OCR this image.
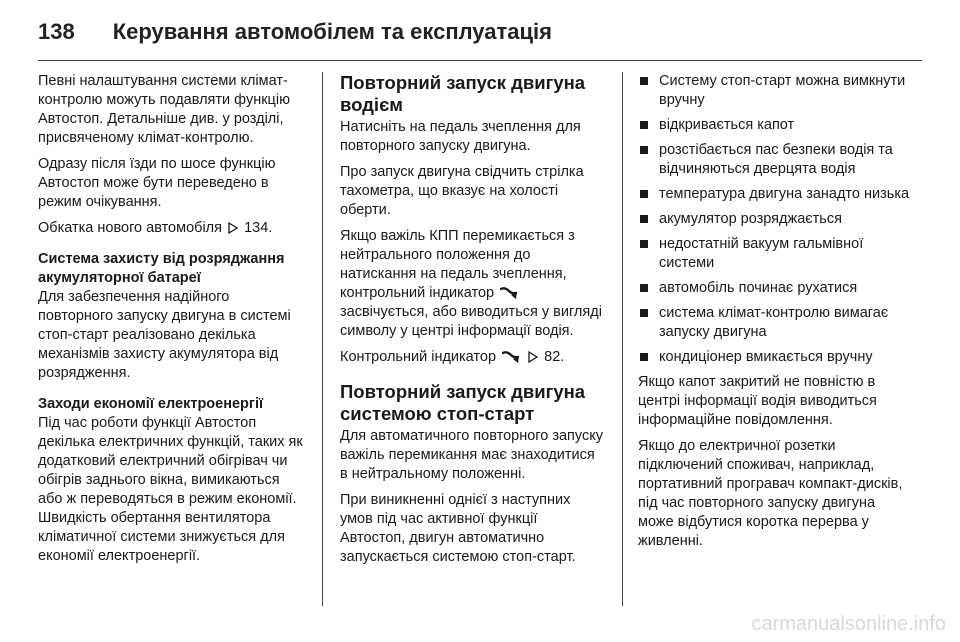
138 Керування автомобілем та експлуатація

Певні налаштування системи клімат-контролю можуть подавляти функцію Автостоп. Детальніше див. у розділі, присвяченому клімат-контролю.

Одразу після їзди по шосе функцію Автостоп може бути переведено в режим очікування.

Обкатка нового автомобіля 134.

Система захисту від розряджання акумуляторної батареї

Для забезпечення надійного повторного запуску двигуна в системі стоп-старт реалізовано декілька механізмів захисту акумулятора від розрядження.

Заходи економії електроенергії

Під час роботи функції Автостоп декілька електричних функцій, таких як додатковий електричний обігрівач чи обігрів заднього вікна, вимикаються або ж переводяться в режим економії. Швидкість обертання вентилятора кліматичної системи знижується для економії електроенергії.

Повторний запуск двигуна водієм

Натисніть на педаль зчеплення для повторного запуску двигуна.

Про запуск двигуна свідчить стрілка тахометра, що вказує на холості оберти.

Якщо важіль КПП перемикається з нейтрального положення до натискання на педаль зчеплення, контрольний індикатор  засвічується, або виводиться у вигляді символу у центрі інформації водія.

Контрольний індикатор	82.

Повторний запуск двигуна системою стоп-старт

Для автоматичного повторного запуску важіль перемикання має знаходитися в нейтральному положенні.

При виникненні однієї з наступних умов під час активної функції Автостоп, двигун автоматично запускається системою стоп-старт.

Систему стоп-старт можна вимкнути вручну
відкривається капот
розстібається пас безпеки водія та відчиняються дверцята водія
температура двигуна занадто низька
акумулятор розряджається
недостатній вакуум гальмівної системи
автомобіль починає рухатися
система клімат-контролю вимагає запуску двигуна
кондиціонер вмикається вручну

Якщо капот закритий не повністю в центрі інформації водія виводиться інформаційне повідомлення.

Якщо до електричної розетки підключений споживач, наприклад, портативний програвач компакт-дисків, під час повторного запуску двигуна може відбутися коротка перерва у живленні.

carmanualsonline.info
